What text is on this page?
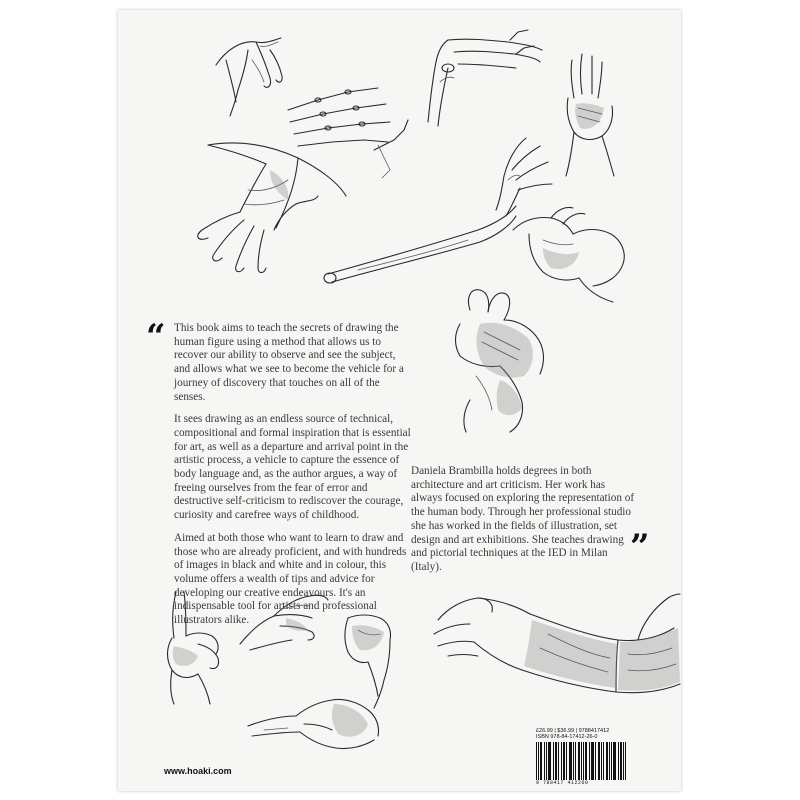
“ This book aims to teach the secrets of drawing the human figure using a method that allows us to recover our ability to observe and see the subject, and allows what we see to become the vehicle for a journey of discovery that touches on all of the senses.

It sees drawing as an endless source of technical, compositional and formal inspiration that is essential for art, as well as a departure and arrival point in the artistic process, a vehicle to capture the essence of body language and, as the author argues, a way of freeing ourselves from the fear of error and destructive self-criticism to rediscover the courage, curiosity and carefree ways of childhood.

Aimed at both those who want to learn to draw and those who are already proficient, and with hundreds of images in black and white and in colour, this volume offers a wealth of tips and advice for developing our creative endeavours. It's an indispensable tool for artists and professional illustrators alike.

Daniela Brambilla holds degrees in both architecture and art criticism. Her work has always focused on exploring the representation of the human body. Through her professional studio she has worked in the fields of illustration, set design and art exhibitions. She teaches drawing and pictorial techniques at the IED in Milan (Italy).	”
www.hoaki.com
£26.99 | $36.99 | 9788417412
ISBN 978-84-17412-26-0
9 788417 412260
